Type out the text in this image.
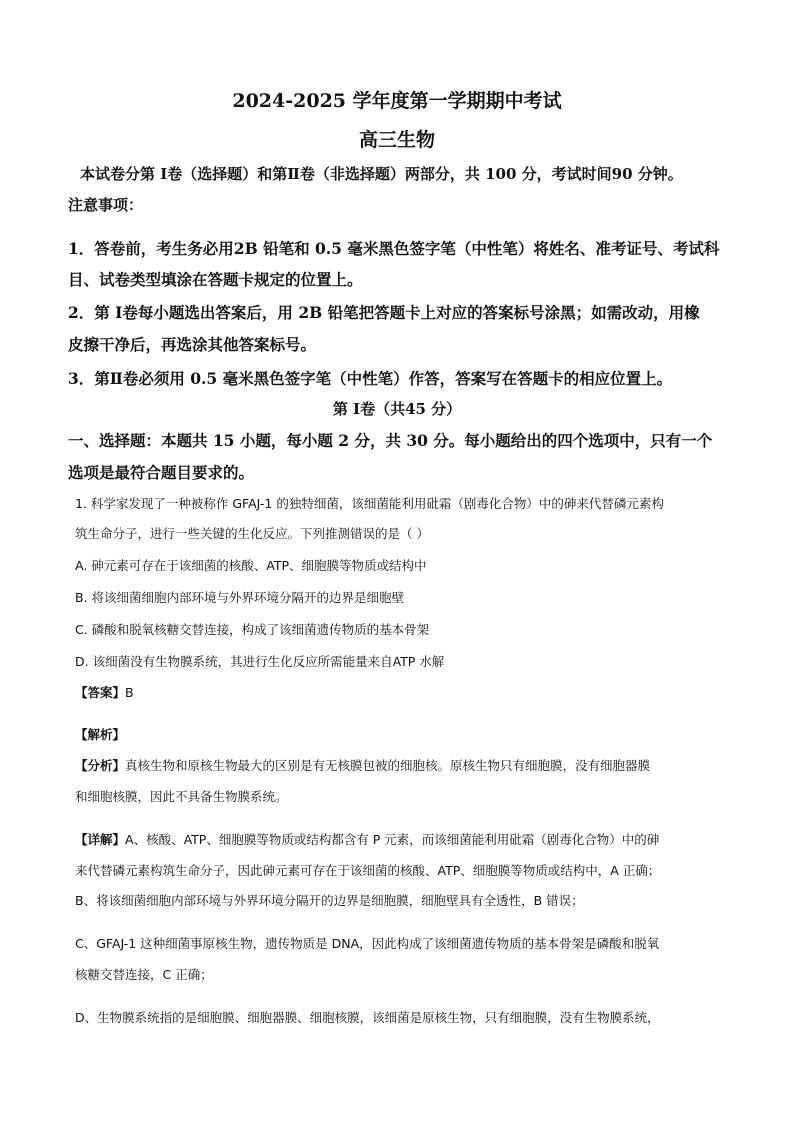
2024-2025 学年度第一学期期中考试
高三生物
本试卷分第 Ⅰ卷（选择题）和第Ⅱ卷（非选择题）两部分，共 100 分，考试时间90 分钟。
注意事项：
1．答卷前，考生务必用2B 铅笔和 0.5 毫米黑色签字笔（中性笔）将姓名、准考证号、考试科
目、试卷类型填涂在答题卡规定的位置上。
2．第 Ⅰ卷每小题选出答案后，用 2B 铅笔把答题卡上对应的答案标号涂黑；如需改动，用橡
皮擦干净后，再选涂其他答案标号。
3．第Ⅱ卷必须用 0.5 毫米黑色签字笔（中性笔）作答，答案写在答题卡的相应位置上。
第 Ⅰ卷（共45 分）
一、选择题：本题共 15 小题，每小题 2 分，共 30 分。每小题给出的四个选项中，只有一个
选项是最符合题目要求的。
1. 科学家发现了一种被称作 GFAJ-1 的独特细菌，该细菌能利用砒霜（剧毒化合物）中的砷来代替磷元素构
筑生命分子，进行一些关键的生化反应。下列推测错误的是（ ）
A. 砷元素可存在于该细菌的核酸、ATP、细胞膜等物质或结构中
B. 将该细菌细胞内部环境与外界环境分隔开的边界是细胞壁
C. 磷酸和脱氧核糖交替连接，构成了该细菌遗传物质的基本骨架
D. 该细菌没有生物膜系统，其进行生化反应所需能量来自ATP 水解
【答案】B
【解析】
【分析】真核生物和原核生物最大的区别是有无核膜包被的细胞核。原核生物只有细胞膜，没有细胞器膜
和细胞核膜，因此不具备生物膜系统。
【详解】A、核酸、ATP、细胞膜等物质或结构都含有 P 元素，而该细菌能利用砒霜（剧毒化合物）中的砷
来代替磷元素构筑生命分子，因此砷元素可存在于该细菌的核酸、ATP、细胞膜等物质或结构中，A 正确；
B、将该细菌细胞内部环境与外界环境分隔开的边界是细胞膜，细胞壁具有全透性，B 错误；
C、GFAJ-1 这种细菌事原核生物，遗传物质是 DNA，因此构成了该细菌遗传物质的基本骨架是磷酸和脱氧
核糖交替连接，C 正确；
D、生物膜系统指的是细胞膜、细胞器膜、细胞核膜，该细菌是原核生物，只有细胞膜，没有生物膜系统，
